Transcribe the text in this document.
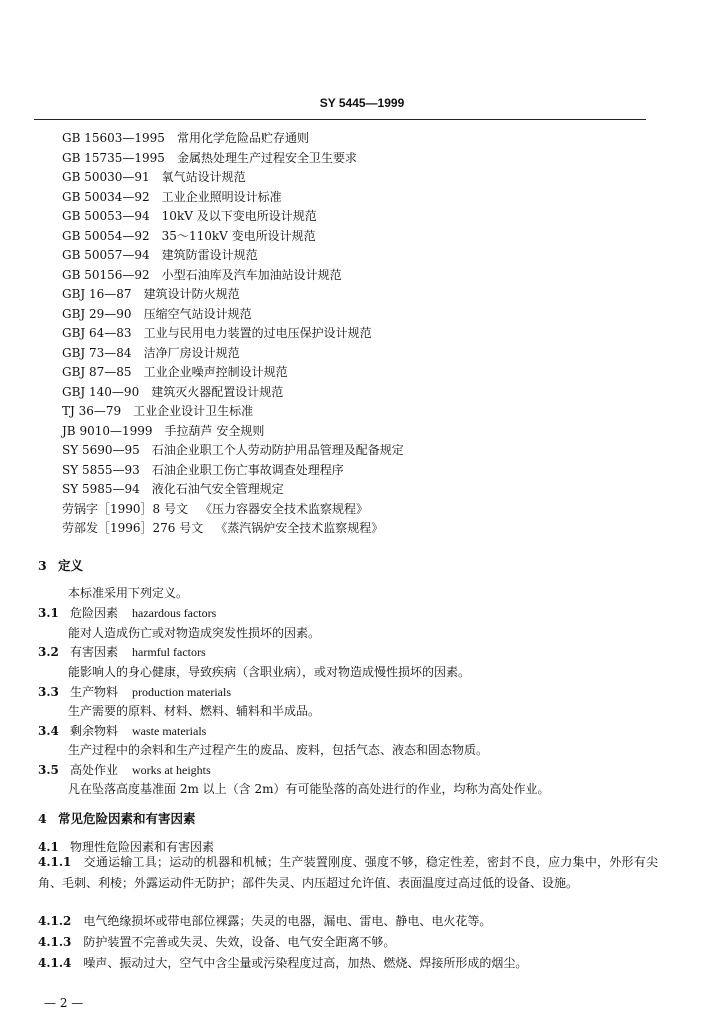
SY 5445—1999
GB 15603—1995 常用化学危险品贮存通则
GB 15735—1995 金属热处理生产过程安全卫生要求
GB 50030—91 氧气站设计规范
GB 50034—92 工业企业照明设计标准
GB 50053—94 10kV 及以下变电所设计规范
GB 50054—92 35～110kV 变电所设计规范
GB 50057—94 建筑防雷设计规范
GB 50156—92 小型石油库及汽车加油站设计规范
GBJ 16—87 建筑设计防火规范
GBJ 29—90 压缩空气站设计规范
GBJ 64—83 工业与民用电力装置的过电压保护设计规范
GBJ 73—84 洁净厂房设计规范
GBJ 87—85 工业企业噪声控制设计规范
GBJ 140—90 建筑灭火器配置设计规范
TJ 36—79 工业企业设计卫生标准
JB 9010—1999 手拉葫芦 安全规则
SY 5690—95 石油企业职工个人劳动防护用品管理及配备规定
SY 5855—93 石油企业职工伤亡事故调查处理程序
SY 5985—94 液化石油气安全管理规定
劳锅字［1990］8 号文 《压力容器安全技术监察规程》
劳部发［1996］276 号文 《蒸汽锅炉安全技术监察规程》
3 定义
本标准采用下列定义。
3.1 危险因素 hazardous factors
能对人造成伤亡或对物造成突发性损坏的因素。
3.2 有害因素 harmful factors
能影响人的身心健康，导致疾病（含职业病），或对物造成慢性损坏的因素。
3.3 生产物料 production materials
生产需要的原料、材料、燃料、辅料和半成品。
3.4 剩余物料 waste materials
生产过程中的余料和生产过程产生的废品、废料，包括气态、液态和固态物质。
3.5 高处作业 works at heights
凡在坠落高度基准面 2m 以上（含 2m）有可能坠落的高处进行的作业，均称为高处作业。
4 常见危险因素和有害因素
4.1 物理性危险因素和有害因素
4.1.1 交通运输工具；运动的机器和机械；生产装置刚度、强度不够，稳定性差，密封不良，应力集中，外形有尖角、毛刺、利棱；外露运动件无防护；部件失灵、内压超过允许值、表面温度过高过低的设备、设施。
4.1.2 电气绝缘损坏或带电部位裸露；失灵的电器，漏电、雷电、静电、电火花等。
4.1.3 防护装置不完善或失灵、失效，设备、电气安全距离不够。
4.1.4 噪声、振动过大，空气中含尘量或污染程度过高，加热、燃烧、焊接所形成的烟尘。
— 2 —
